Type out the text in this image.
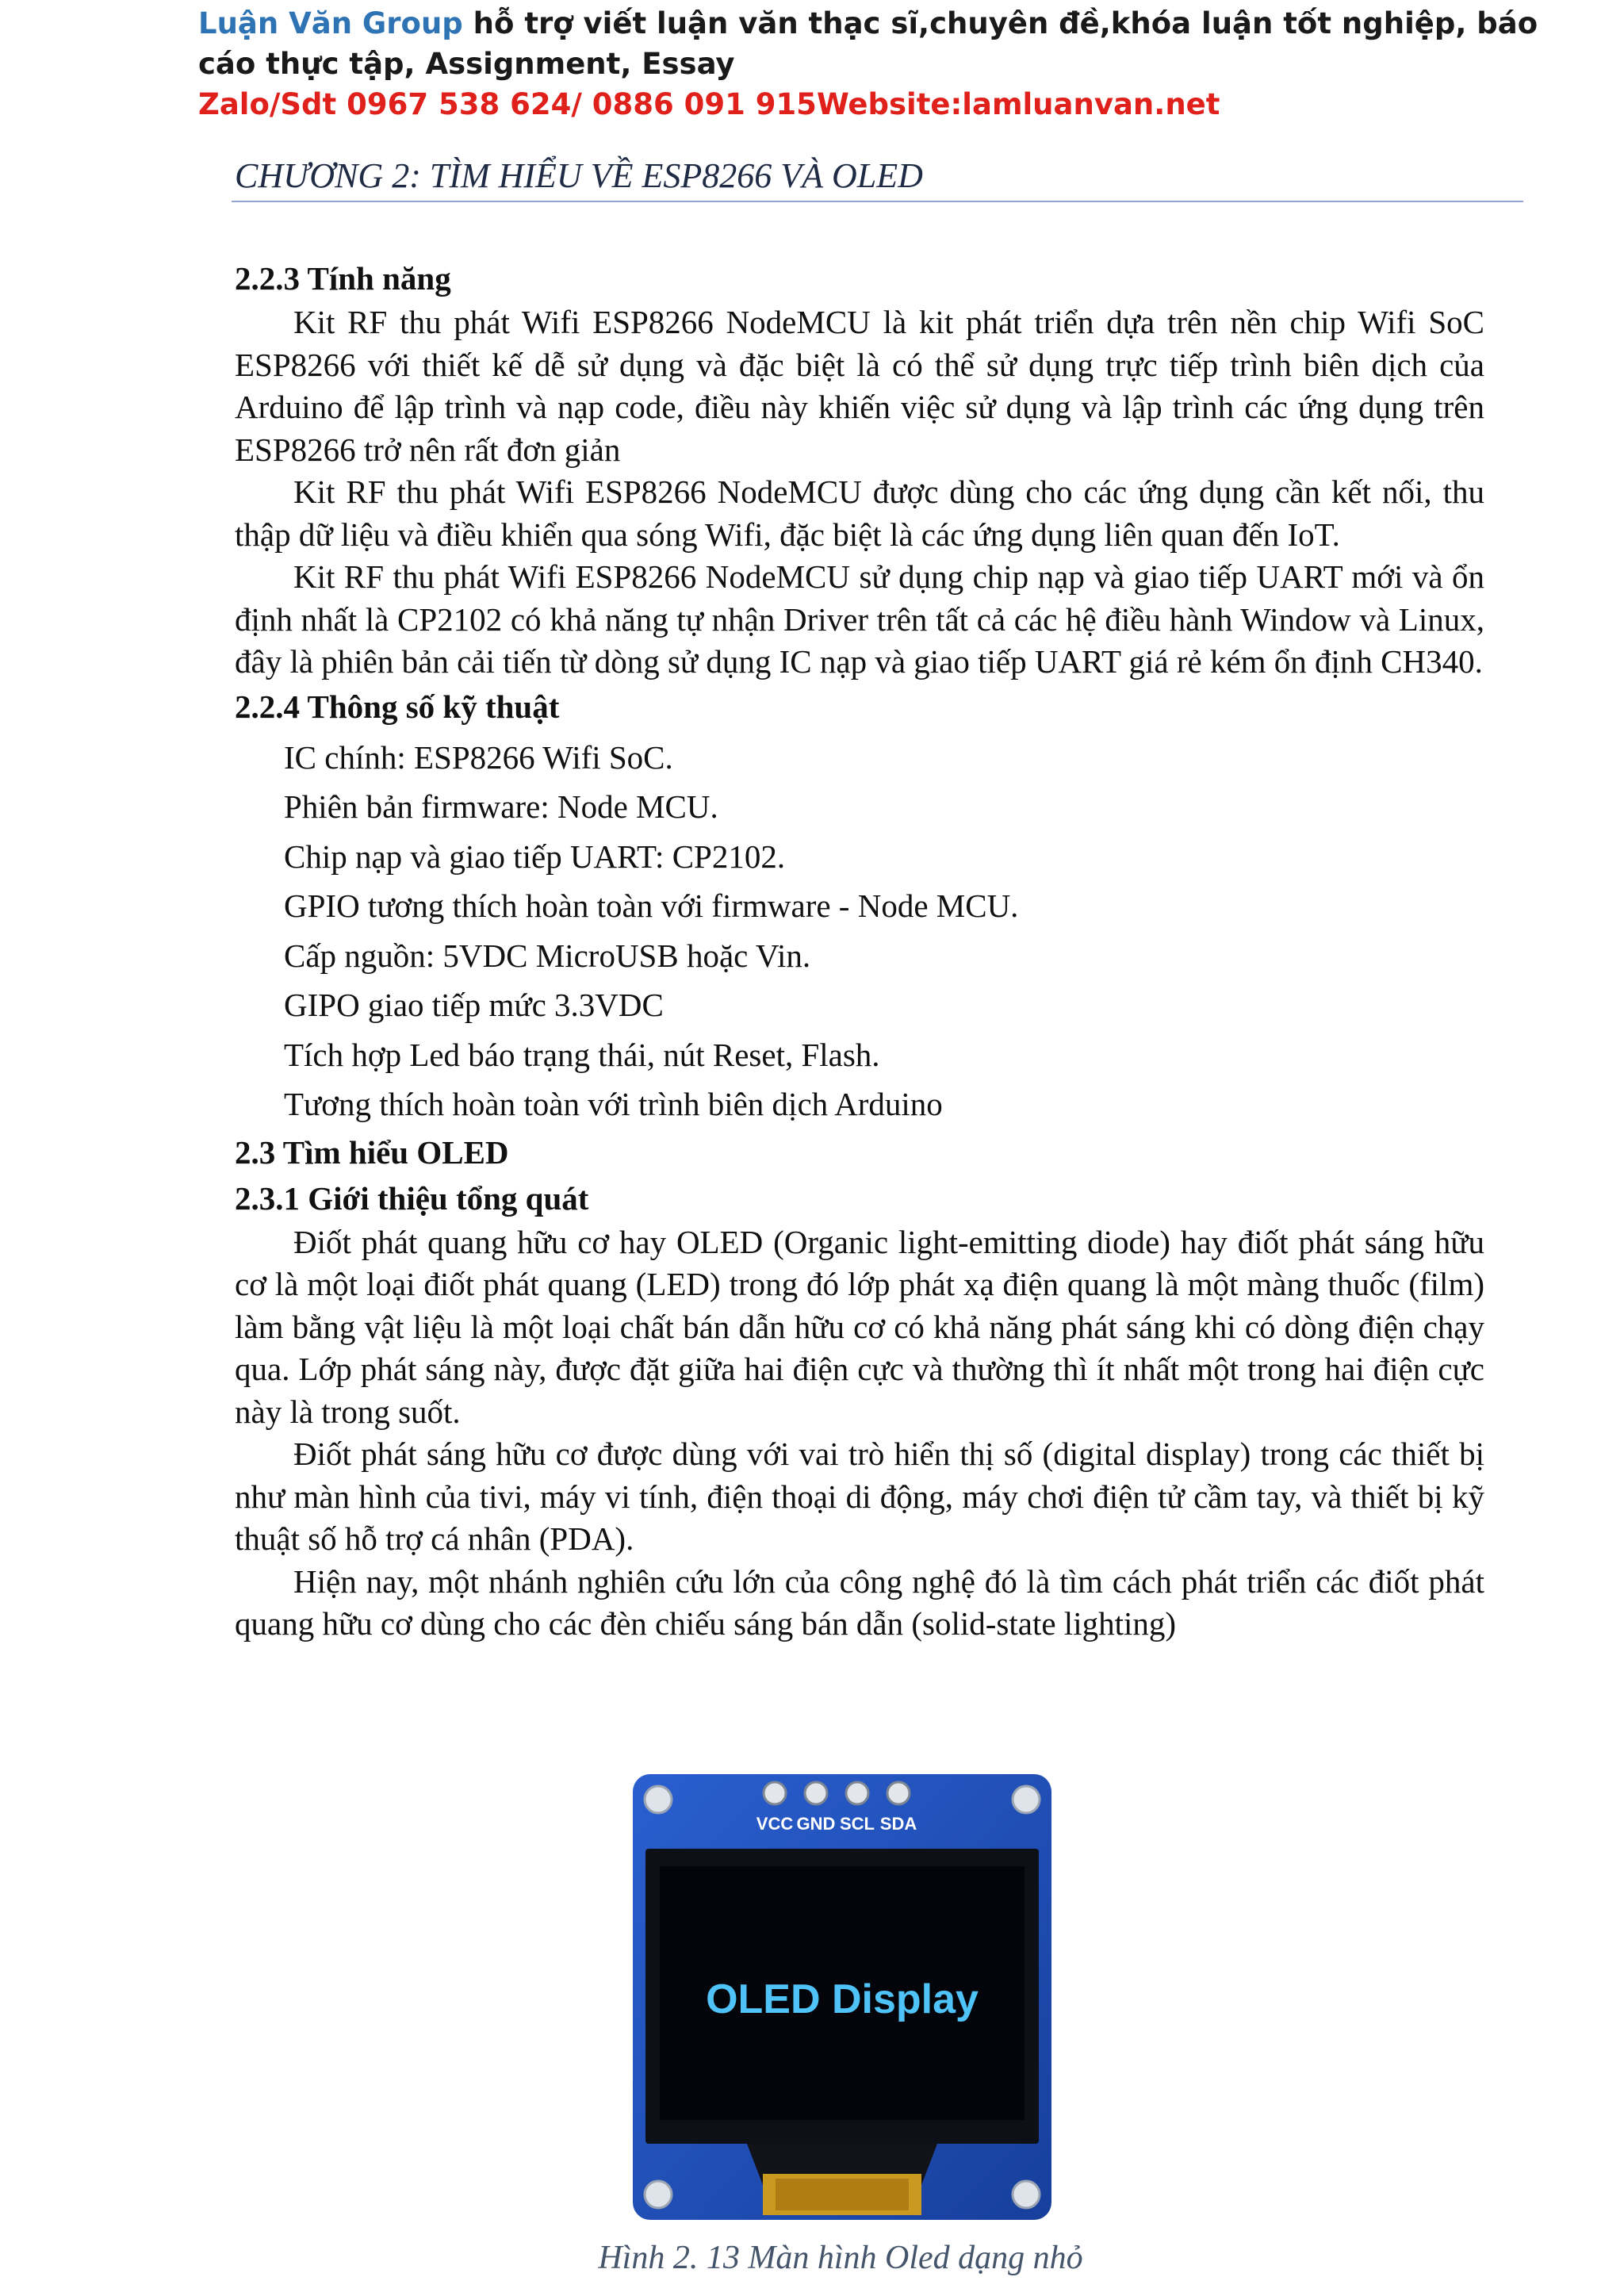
Luận Văn Group hỗ trợ viết luận văn thạc sĩ,chuyên đề,khóa luận tốt nghiệp, báo cáo thực tập, Assignment, Essay
Zalo/Sdt 0967 538 624/ 0886 091 915Website:lamluanvan.net
CHƯƠNG 2: TÌM HIỂU VỀ ESP8266 VÀ OLED

2.2.3 Tính năng

Kit RF thu phát Wifi ESP8266 NodeMCU là kit phát triển dựa trên nền chip Wifi SoC ESP8266 với thiết kế dễ sử dụng và đặc biệt là có thể sử dụng trực tiếp trình biên dịch của Arduino để lập trình và nạp code, điều này khiến việc sử dụng và lập trình các ứng dụng trên ESP8266 trở nên rất đơn giản

Kit RF thu phát Wifi ESP8266 NodeMCU được dùng cho các ứng dụng cần kết nối, thu thập dữ liệu và điều khiển qua sóng Wifi, đặc biệt là các ứng dụng liên quan đến IoT.

Kit RF thu phát Wifi ESP8266 NodeMCU sử dụng chip nạp và giao tiếp UART mới và ổn định nhất là CP2102 có khả năng tự nhận Driver trên tất cả các hệ điều hành Window và Linux, đây là phiên bản cải tiến từ dòng sử dụng IC nạp và giao tiếp UART giá rẻ kém ổn định CH340.

2.2.4 Thông số kỹ thuật

IC chính: ESP8266 Wifi SoC.
Phiên bản firmware: Node MCU.
Chip nạp và giao tiếp UART: CP2102.
GPIO tương thích hoàn toàn với firmware - Node MCU.
Cấp nguồn: 5VDC MicroUSB hoặc Vin.
GIPO giao tiếp mức 3.3VDC
Tích hợp Led báo trạng thái, nút Reset, Flash.
Tương thích hoàn toàn với trình biên dịch Arduino

2.3 Tìm hiểu OLED

2.3.1 Giới thiệu tổng quát

Điốt phát quang hữu cơ hay OLED (Organic light-emitting diode) hay điốt phát sáng hữu cơ là một loại điốt phát quang (LED) trong đó lớp phát xạ điện quang là một màng thuốc (film) làm bằng vật liệu là một loại chất bán dẫn hữu cơ có khả năng phát sáng khi có dòng điện chạy qua. Lớp phát sáng này, được đặt giữa hai điện cực và thường thì ít nhất một trong hai điện cực này là trong suốt.

Điốt phát sáng hữu cơ được dùng với vai trò hiển thị số (digital display) trong các thiết bị như màn hình của tivi, máy vi tính, điện thoại di động, máy chơi điện tử cầm tay, và thiết bị kỹ thuật số hỗ trợ cá nhân (PDA).

Hiện nay, một nhánh nghiên cứu lớn của công nghệ đó là tìm cách phát triển các điốt phát quang hữu cơ dùng cho các đèn chiếu sáng bán dẫn (solid-state lighting)

VCC GND SCL SDA
OLED Display
Hình 2. 13 Màn hình Oled dạng nhỏ
